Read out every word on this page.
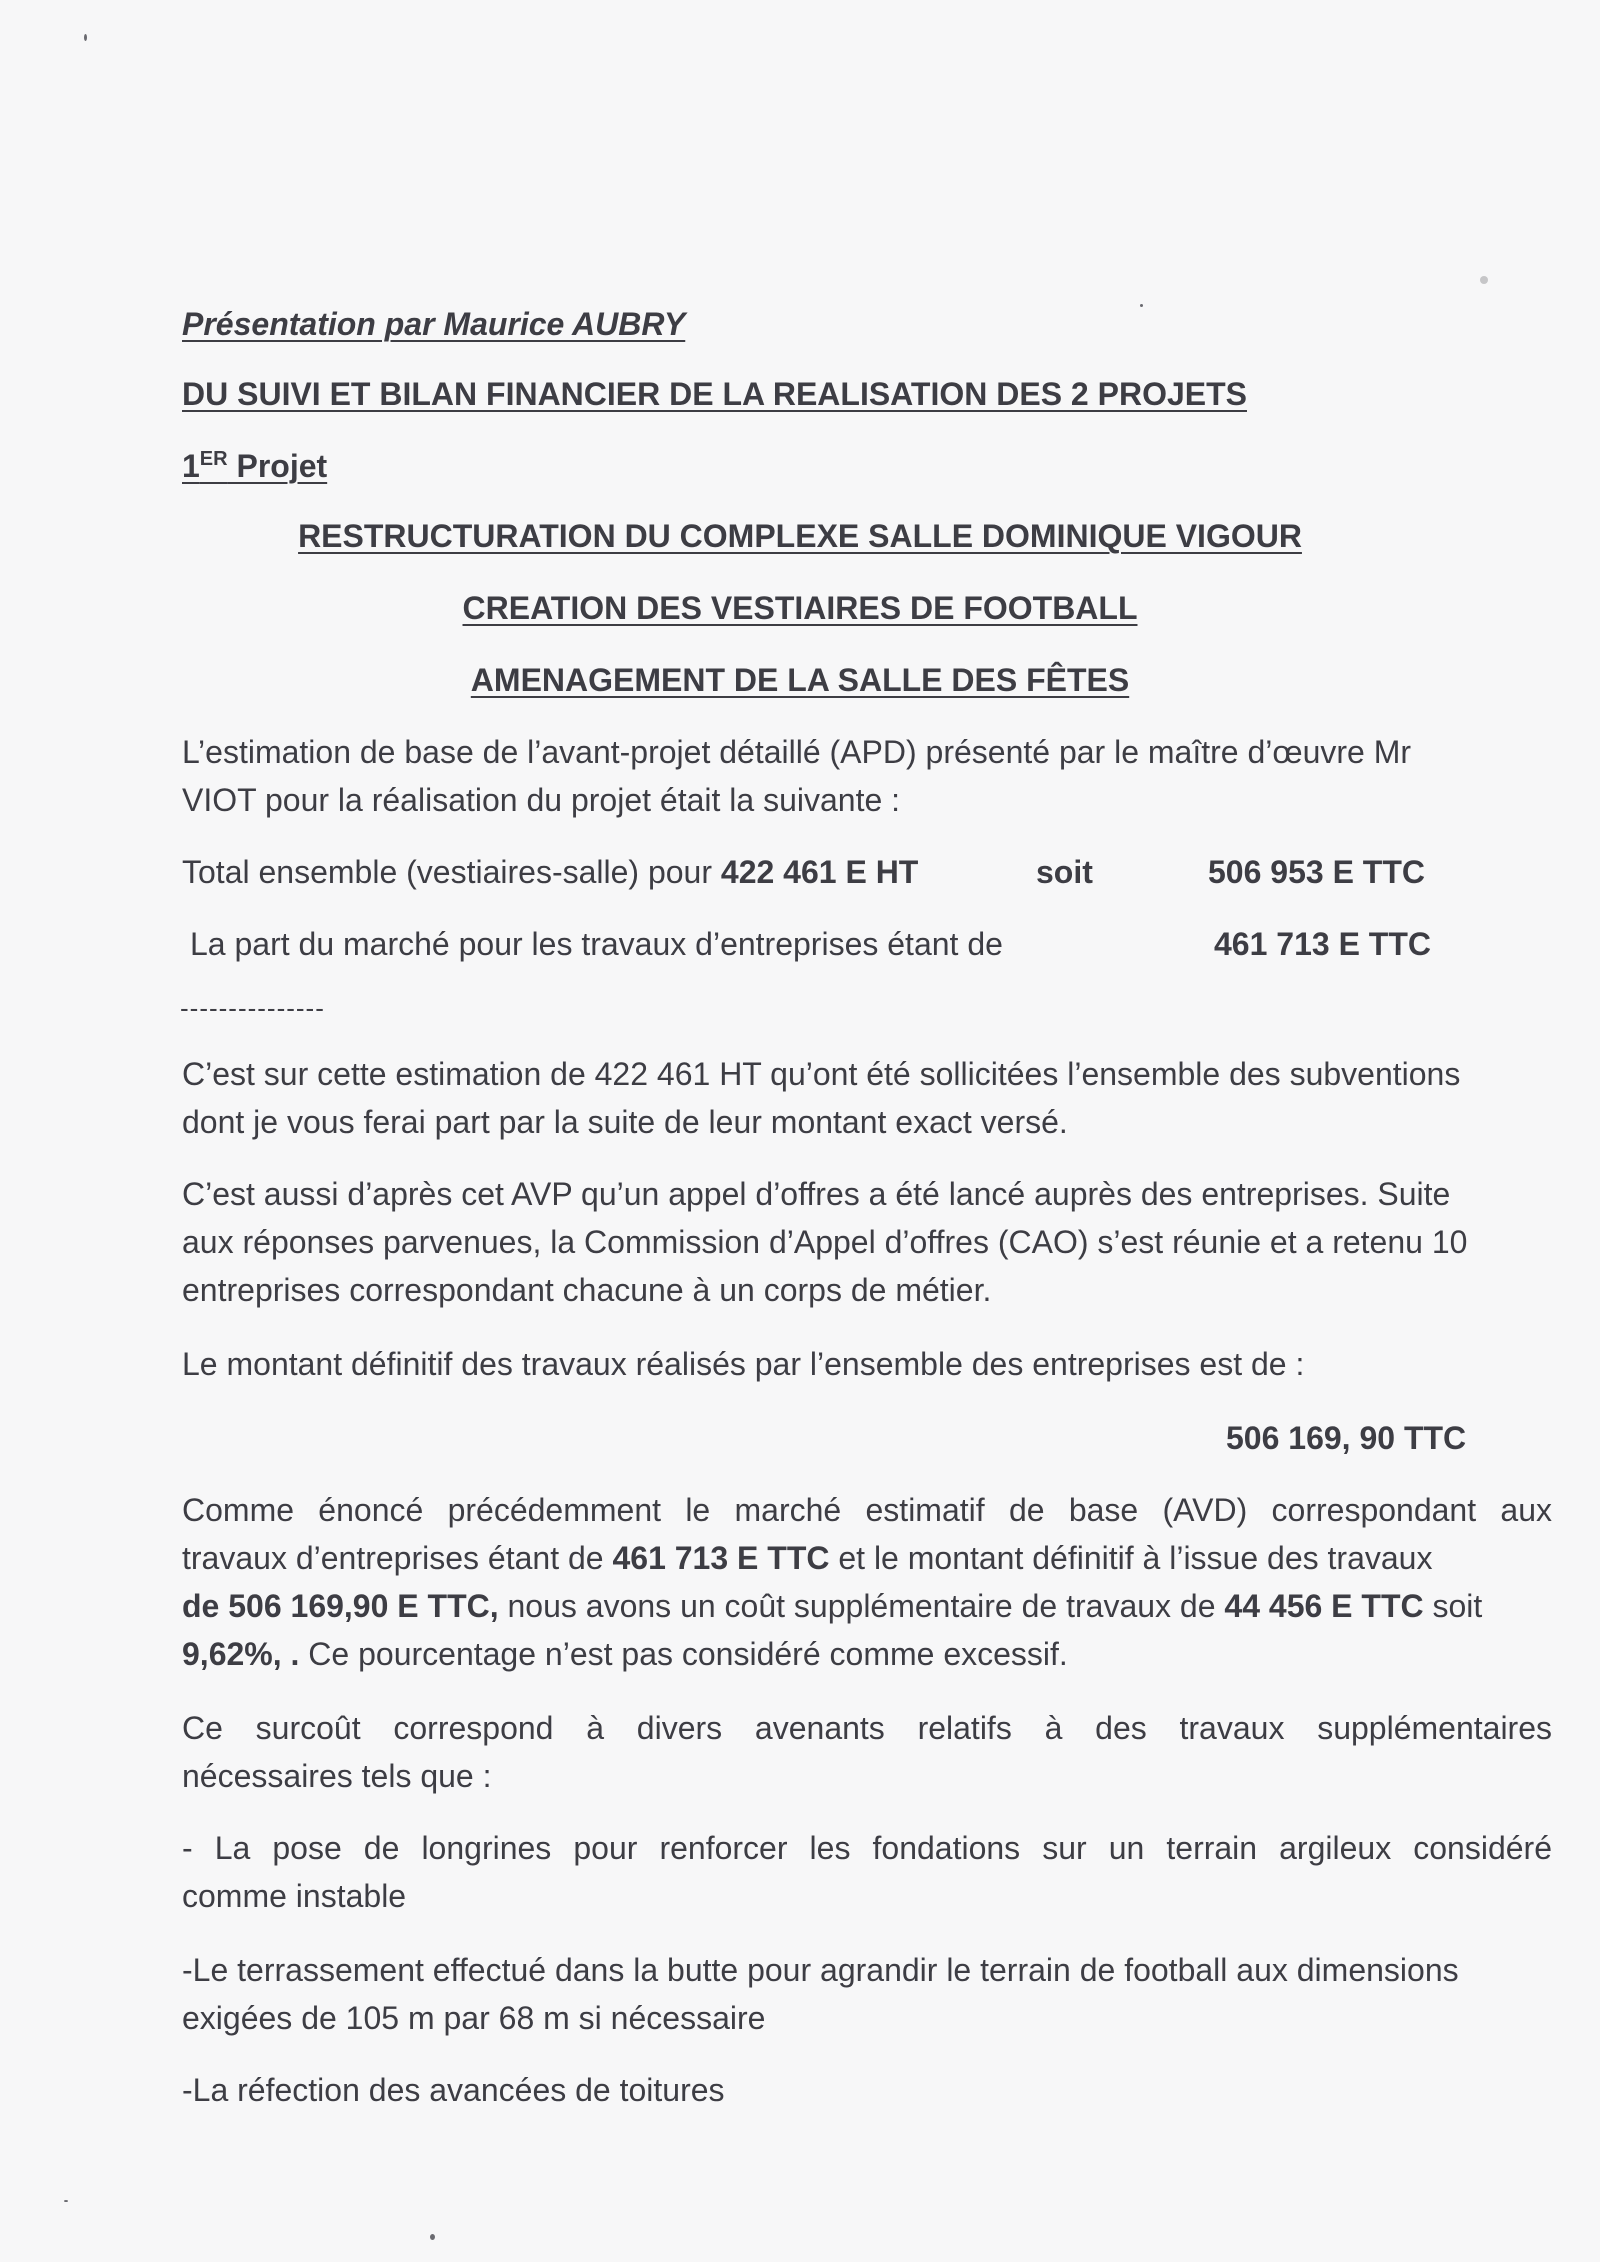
Présentation par Maurice AUBRY
DU SUIVI ET BILAN FINANCIER DE LA REALISATION DES 2 PROJETS
1ER Projet
RESTRUCTURATION DU COMPLEXE SALLE DOMINIQUE VIGOUR
CREATION DES VESTIAIRES DE FOOTBALL
AMENAGEMENT DE LA SALLE DES FÊTES
L’estimation de base de l’avant-projet détaillé (APD) présenté par le maître d’œuvre Mr
VIOT pour la réalisation du projet était la suivante :
Total ensemble (vestiaires-salle) pour 422 461 E HT	soit	506 953 E TTC
La part du marché pour les travaux d’entreprises étant de	461 713 E TTC
---------------
C’est sur cette estimation de 422 461 HT qu’ont été sollicitées l’ensemble des subventions
dont je vous ferai part par la suite de leur montant exact versé.
C’est aussi d’après cet AVP qu’un appel d’offres a été lancé auprès des entreprises. Suite
aux réponses parvenues, la Commission d’Appel d’offres (CAO) s’est réunie et a retenu 10
entreprises correspondant chacune à un corps de métier.
Le montant définitif des travaux réalisés par l’ensemble des entreprises est de :
506 169, 90 TTC
Comme énoncé précédemment le marché estimatif de base (AVD) correspondant aux
travaux d’entreprises étant de 461 713 E TTC et le montant définitif à l’issue des travaux
de 506 169,90 E TTC, nous avons un coût supplémentaire de travaux de 44 456 E TTC soit
9,62%, . Ce pourcentage n’est pas considéré comme excessif.
Ce surcoût correspond à divers avenants relatifs à des travaux supplémentaires
nécessaires tels que :
- La pose de longrines pour renforcer les fondations sur un terrain argileux considéré
comme instable
-Le terrassement effectué dans la butte pour agrandir le terrain de football aux dimensions
exigées de 105 m par 68 m si nécessaire
-La réfection des avancées de toitures
